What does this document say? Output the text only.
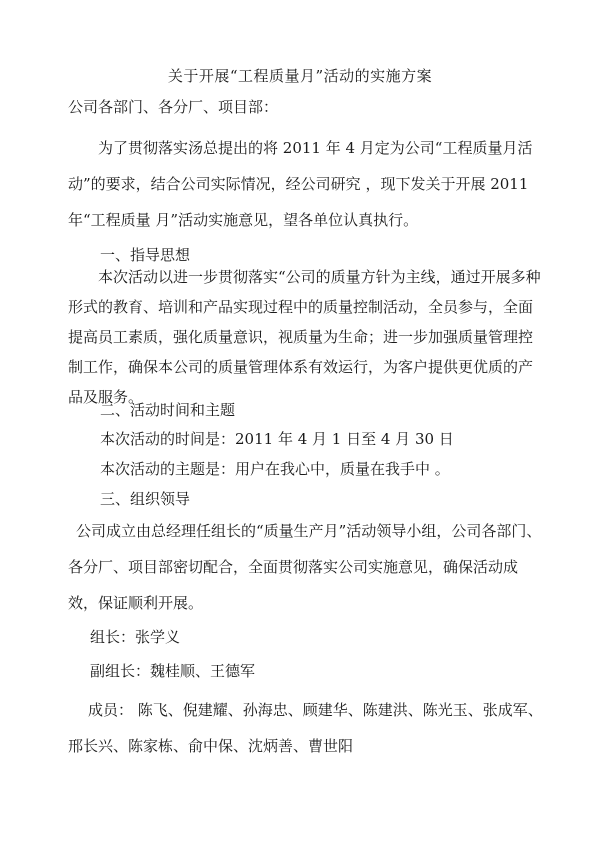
关于开展“工程质量月”活动的实施方案
公司各部门、各分厂、项目部：
为了贯彻落实汤总提出的将 2011 年 4 月定为公司“工程质量月活动”的要求，结合公司实际情况，经公司研究 ，现下发关于开展 2011 年“工程质量 月”活动实施意见，望各单位认真执行。
一、指导思想
本次活动以进一步贯彻落实“公司的质量方针为主线，通过开展多种形式的教育、培训和产品实现过程中的质量控制活动，全员参与，全面提高员工素质，强化质量意识，视质量为生命；进一步加强质量管理控制工作，确保本公司的质量管理体系有效运行，为客户提供更优质的产品及服务。
二、活动时间和主题
本次活动的时间是：2011 年 4 月 1 日至 4 月 30 日
本次活动的主题是：用户在我心中，质量在我手中 。
三、组织领导
公司成立由总经理任组长的“质量生产月”活动领导小组，公司各部门、各分厂、项目部密切配合，全面贯彻落实公司实施意见，确保活动成效，保证顺利开展。
组长：张学义
副组长：魏桂顺、王德军
成员： 陈飞、倪建耀、孙海忠、顾建华、陈建洪、陈光玉、张成军、邢长兴、陈家栋、俞中保、沈炳善、曹世阳
